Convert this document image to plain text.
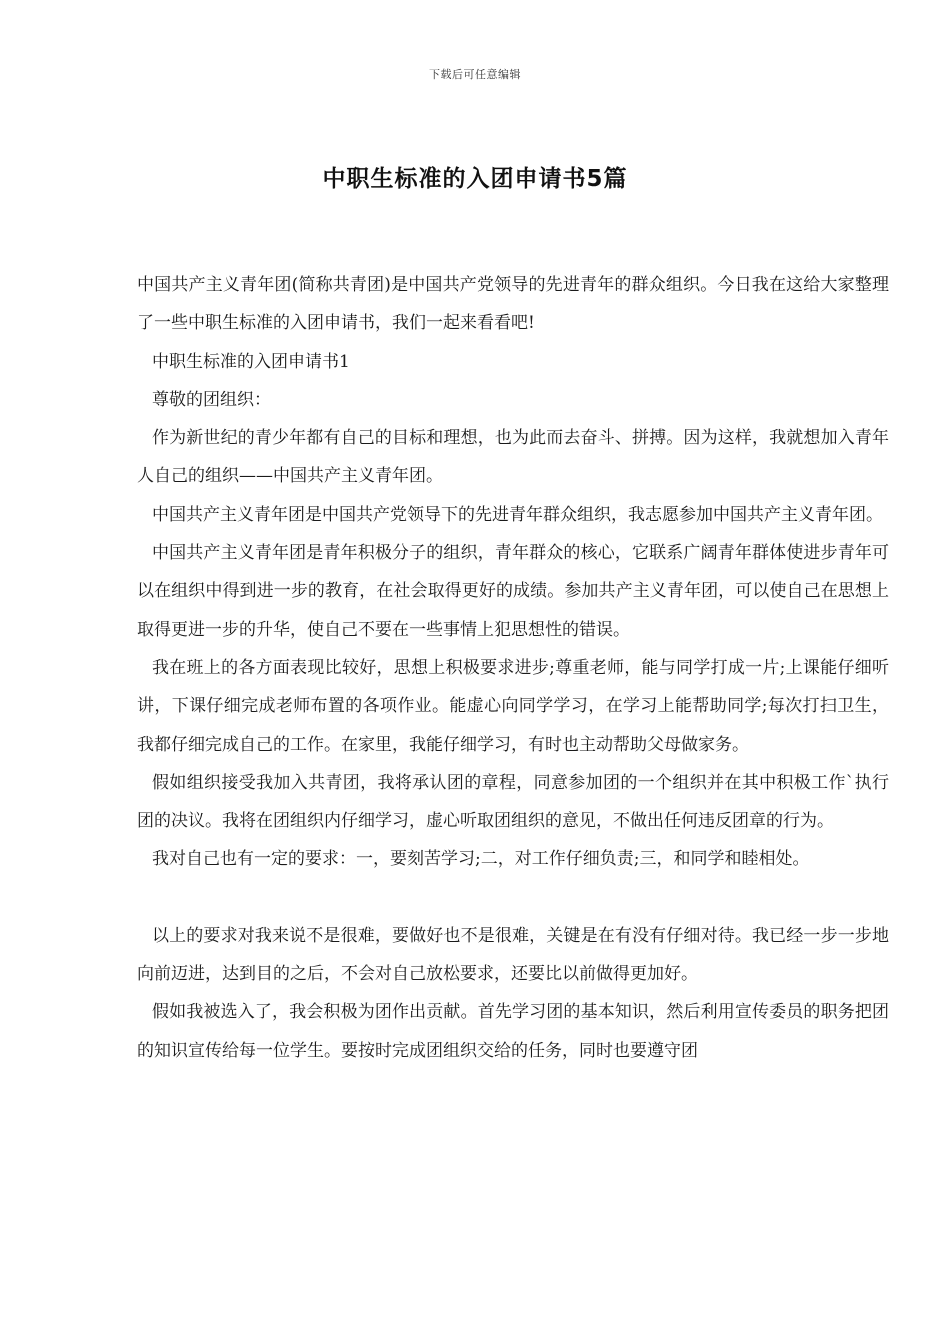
下载后可任意编辑
中职生标准的入团申请书5篇

中国共产主义青年团(简称共青团)是中国共产党领导的先进青年的群众组织。今日我在这给大家整理了一些中职生标准的入团申请书，我们一起来看看吧!

中职生标准的入团申请书1

尊敬的团组织：

作为新世纪的青少年都有自己的目标和理想，也为此而去奋斗、拼搏。因为这样，我就想加入青年人自己的组织——中国共产主义青年团。

中国共产主义青年团是中国共产党领导下的先进青年群众组织，我志愿参加中国共产主义青年团。

中国共产主义青年团是青年积极分子的组织，青年群众的核心，它联系广阔青年群体使进步青年可以在组织中得到进一步的教育，在社会取得更好的成绩。参加共产主义青年团，可以使自己在思想上取得更进一步的升华，使自己不要在一些事情上犯思想性的错误。

我在班上的各方面表现比较好，思想上积极要求进步;尊重老师，能与同学打成一片;上课能仔细听讲，下课仔细完成老师布置的各项作业。能虚心向同学学习，在学习上能帮助同学;每次打扫卫生，我都仔细完成自己的工作。在家里，我能仔细学习，有时也主动帮助父母做家务。

假如组织接受我加入共青团，我将承认团的章程，同意参加团的一个组织并在其中积极工作`执行团的决议。我将在团组织内仔细学习，虚心听取团组织的意见，不做出任何违反团章的行为。

我对自己也有一定的要求：一，要刻苦学习;二，对工作仔细负责;三，和同学和睦相处。

以上的要求对我来说不是很难，要做好也不是很难，关键是在有没有仔细对待。我已经一步一步地向前迈进，达到目的之后，不会对自己放松要求，还要比以前做得更加好。

假如我被选入了，我会积极为团作出贡献。首先学习团的基本知识，然后利用宣传委员的职务把团的知识宣传给每一位学生。要按时完成团组织交给的任务，同时也要遵守团
